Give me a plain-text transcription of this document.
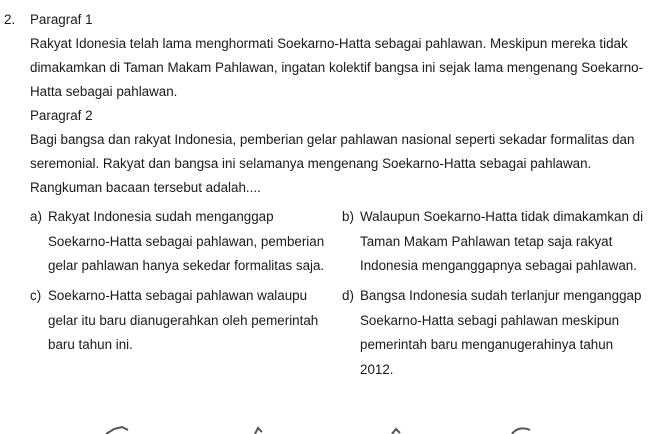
2. Paragraf 1
Rakyat Idonesia telah lama menghormati Soekarno-Hatta sebagai pahlawan. Meskipun mereka tidak
dimakamkan di Taman Makam Pahlawan, ingatan kolektif bangsa ini sejak lama mengenang Soekarno-
Hatta sebagai pahlawan.
Paragraf 2
Bagi bangsa dan rakyat Indonesia, pemberian gelar pahlawan nasional seperti sekadar formalitas dan
seremonial. Rakyat dan bangsa ini selamanya mengenang Soekarno-Hatta sebagai pahlawan.
Rangkuman bacaan tersebut adalah....
a) Rakyat Indonesia sudah menganggap
Soekarno-Hatta sebagai pahlawan, pemberian
gelar pahlawan hanya sekedar formalitas saja.
b) Walaupun Soekarno-Hatta tidak dimakamkan di
Taman Makam Pahlawan tetap saja rakyat
Indonesia menganggapnya sebagai pahlawan.
c) Soekarno-Hatta sebagai pahlawan walaupu
gelar itu baru dianugerahkan oleh pemerintah
baru tahun ini.
d) Bangsa Indonesia sudah terlanjur menganggap
Soekarno-Hatta sebagi pahlawan meskipun
pemerintah baru menganugerahinya tahun
2012.
